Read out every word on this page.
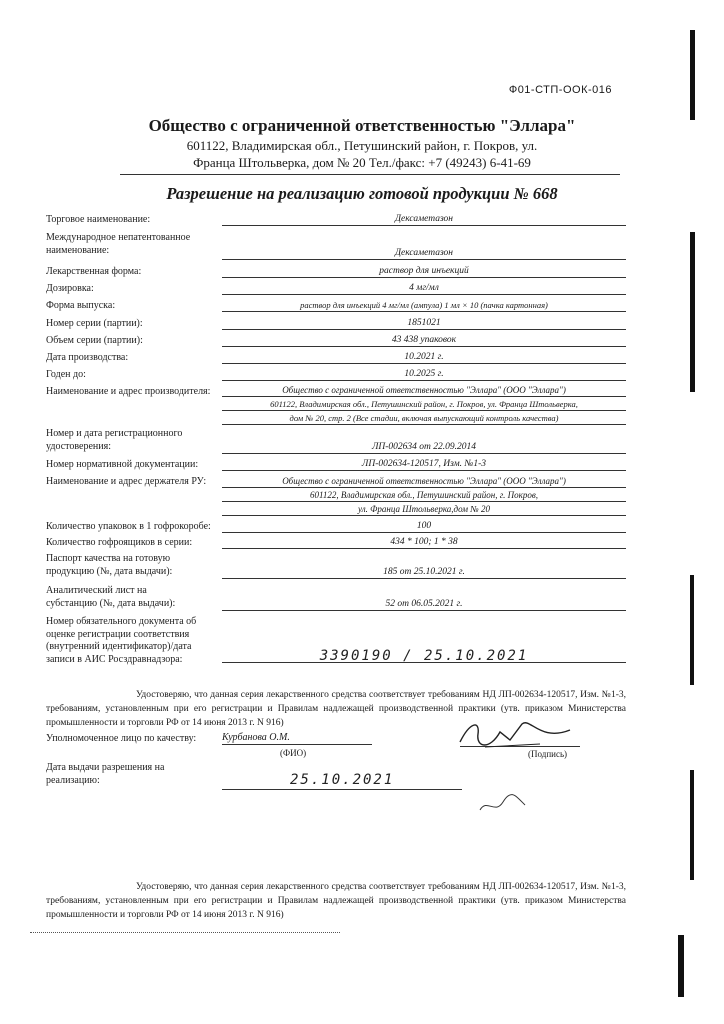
Ф01-СТП-ООК-016
Общество с ограниченной ответственностью "Эллара"
601122, Владимирская обл., Петушинский район, г. Покров, ул.
Франца Штольверка, дом № 20 Тел./факс: +7 (49243) 6-41-69
Разрешение на реализацию готовой продукции № 668
Торговое наименование:	Дексаметазон
Международное непатентованное наименование:	Дексаметазон
Лекарственная форма:	раствор для инъекций
Дозировка:	4 мг/мл
Форма выпуска:	раствор для инъекций 4 мг/мл (ампула) 1 мл × 10 (пачка картонная)
Номер серии (партии):	1851021
Объем серии (партии):	43 438 упаковок
Дата производства:	10.2021 г.
Годен до:	10.2025 г.
Наименование и адрес производителя:	Общество с ограниченной ответственностью "Эллара" (ООО "Эллара")
601122, Владимирская обл., Петушинский район, г. Покров, ул. Франца Штольверка,
дом № 20, стр. 2 (Все стадии, включая выпускающий контроль качества)
Номер и дата регистрационного удостоверения:	ЛП-002634 от 22.09.2014
Номер нормативной документации:	ЛП-002634-120517, Изм. №1-3
Наименование и адрес держателя РУ:	Общество с ограниченной ответственностью "Эллара" (ООО "Эллара")
601122, Владимирская обл., Петушинский район, г. Покров,
ул. Франца Штольверка,дом № 20
Количество упаковок в 1 гофрокоробе:	100
Количество гофроящиков в серии:	434 * 100; 1 * 38
Паспорт качества на готовую продукцию (№, дата выдачи):	185 от 25.10.2021 г.
Аналитический лист на субстанцию (№, дата выдачи):	52 от 06.05.2021 г.
Номер обязательного документа об оценке регистрации соответствия (внутренний идентификатор)/дата записи в АИС Росздравнадзора:	3390190 / 25.10.2021
Удостоверяю, что данная серия лекарственного средства соответствует требованиям НД ЛП-002634-120517, Изм. №1-3, требованиям, установленным при его регистрации и Правилам надлежащей производственной практики (утв. приказом Министерства промышленности и торговли РФ от 14 июня 2013 г. N 916)
Уполномоченное лицо по качеству:	Курбанова О.М.
(ФИО)	(Подпись)
Дата выдачи разрешения на реализацию:	25.10.2021
Удостоверяю, что данная серия лекарственного средства соответствует требованиям НД ЛП-002634-120517, Изм. №1-3, требованиям, установленным при его регистрации и Правилам надлежащей производственной практики (утв. приказом Министерства промышленности и торговли РФ от 14 июня 2013 г. N 916)
